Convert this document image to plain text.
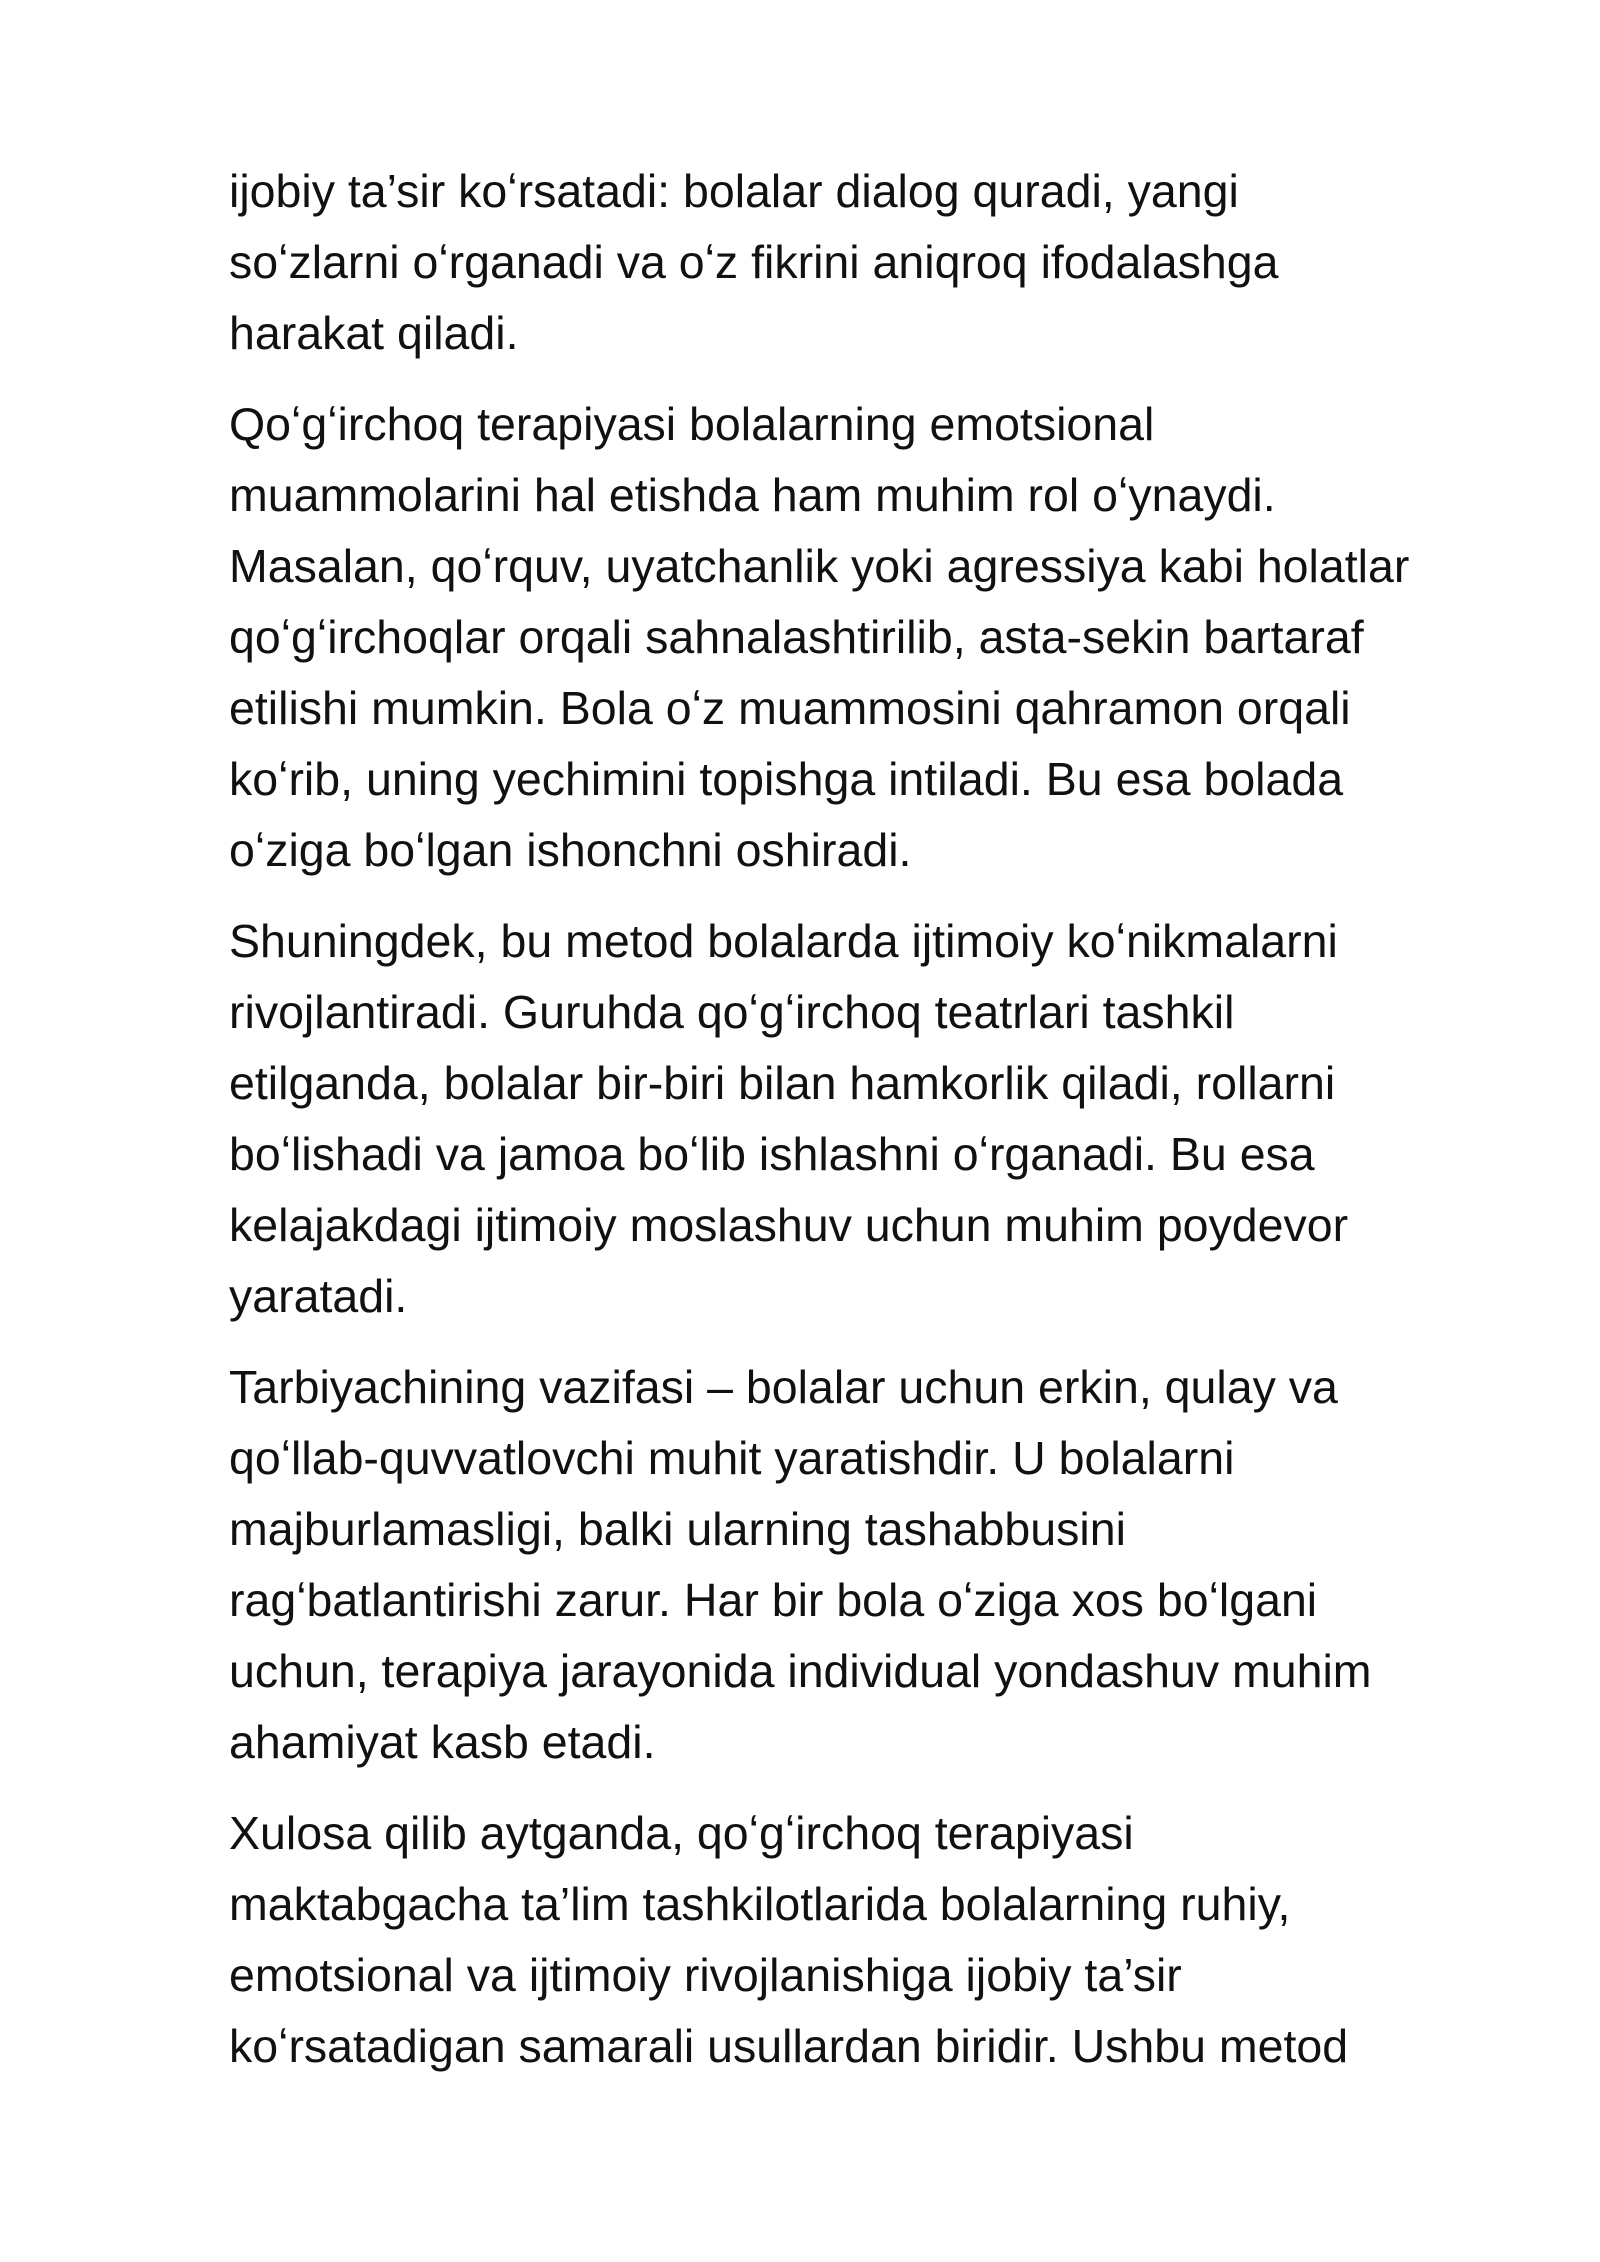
ijobiy ta’sir koʻrsatadi: bolalar dialog quradi, yangi
soʻzlarni oʻrganadi va oʻz fikrini aniqroq ifodalashga
harakat qiladi.

Qoʻgʻirchoq terapiyasi bolalarning emotsional
muammolarini hal etishda ham muhim rol oʻynaydi.
Masalan, qoʻrquv, uyatchanlik yoki agressiya kabi holatlar
qoʻgʻirchoqlar orqali sahnalashtirilib, asta-sekin bartaraf
etilishi mumkin. Bola oʻz muammosini qahramon orqali
koʻrib, uning yechimini topishga intiladi. Bu esa bolada
oʻziga boʻlgan ishonchni oshiradi.

Shuningdek, bu metod bolalarda ijtimoiy koʻnikmalarni
rivojlantiradi. Guruhda qoʻgʻirchoq teatrlari tashkil
etilganda, bolalar bir-biri bilan hamkorlik qiladi, rollarni
boʻlishadi va jamoa boʻlib ishlashni oʻrganadi. Bu esa
kelajakdagi ijtimoiy moslashuv uchun muhim poydevor
yaratadi.

Tarbiyachining vazifasi – bolalar uchun erkin, qulay va
qoʻllab-quvvatlovchi muhit yaratishdir. U bolalarni
majburlamasligi, balki ularning tashabbusini
ragʻbatlantirishi zarur. Har bir bola oʻziga xos boʻlgani
uchun, terapiya jarayonida individual yondashuv muhim
ahamiyat kasb etadi.

Xulosa qilib aytganda, qoʻgʻirchoq terapiyasi
maktabgacha ta’lim tashkilotlarida bolalarning ruhiy,
emotsional va ijtimoiy rivojlanishiga ijobiy ta’sir
koʻrsatadigan samarali usullardan biridir. Ushbu metod
